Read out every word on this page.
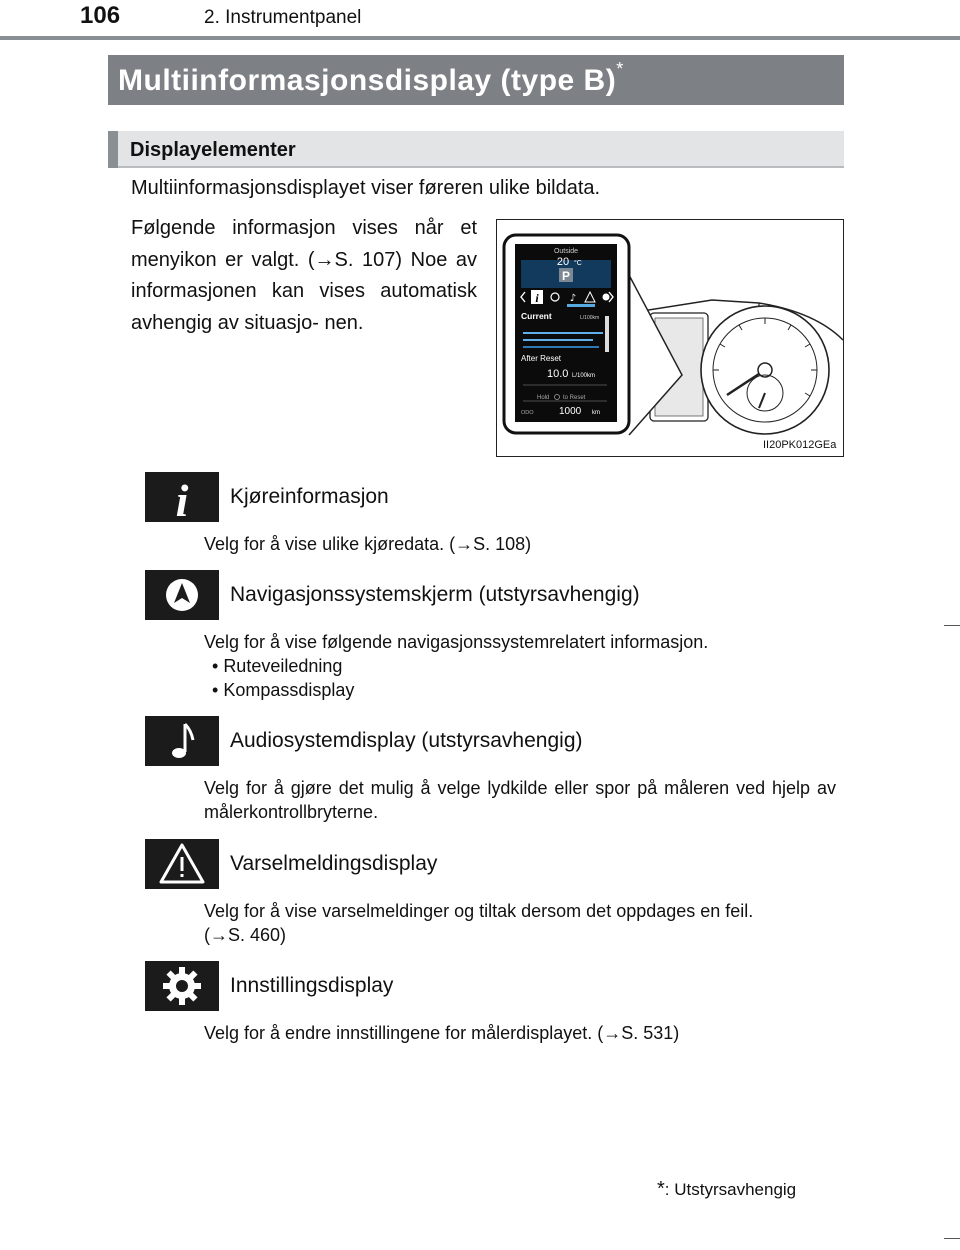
106	2. Instrumentpanel
Multiinformasjonsdisplay (type B)*
Displayelementer
Multiinformasjonsdisplayet viser føreren ulike bildata.
Følgende informasjon vises når et menyikon er valgt. (→S. 107) Noe av informasjonen kan vises automatisk avhengig av situasjo- nen.
Outside
20 °C
P
i	♪
Current	L/100km
After Reset
10.0 L/100km
Hold to Reset
ODO	1000 km
II20PK012GEa
i Kjøreinformasjon
Velg for å vise ulike kjøredata. (→S. 108)
Navigasjonssystemskjerm (utstyrsavhengig)
Velg for å vise følgende navigasjonssystemrelatert informasjon.
• Ruteveiledning
• Kompassdisplay
Audiosystemdisplay (utstyrsavhengig)
Velg for å gjøre det mulig å velge lydkilde eller spor på måleren ved hjelp av målerkontrollbryterne.
Varselmeldingsdisplay
Velg for å vise varselmeldinger og tiltak dersom det oppdages en feil.
(→S. 460)
Innstillingsdisplay
Velg for å endre innstillingene for målerdisplayet. (→S. 531)
*: Utstyrsavhengig
